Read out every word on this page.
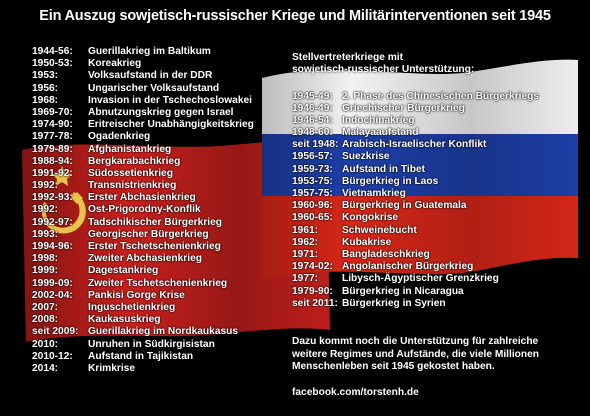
Ein Auszug sowjetisch-russischer Kriege und Militärinterventionen seit 1945
1944-56: Guerillakrieg im Baltikum
1950-53: Koreakrieg
1953:	Volksaufstand in der DDR
1956:	Ungarischer Volksaufstand
1968:	Invasion in der Tschechoslowakei
1969-70: Abnutzungskrieg gegen Israel
1974-90: Eritreischer Unabhängigkeitskrieg
1977-78: Ogadenkrieg
1979-89: Afghanistankrieg
1988-94: Bergkarabachkrieg
1991-92: Südossetienkrieg
1992:	Transnistrienkrieg
1992-93: Erster Abchasienkrieg
1992:	Ost-Prigorodny-Konflik
1992-97: Tadschikischer Bürgerkrieg
1993:	Georgischer Bürgerkrieg
1994-96: Erster Tschetschenienkrieg
1998:	Zweiter Abchasienkrieg
1999:	Dagestankrieg
1999-09: Zweiter Tschetschenienkrieg
2002-04: Pankisi Gorge Krise
2007:	Inguschetienkrieg
2008:	Kaukasuskrieg
seit 2009: Guerillakrieg im Nordkaukasus
2010:	Unruhen in Südkirgisistan
2010-12: Aufstand in Tajikistan
2014:	Krimkrise
Stellvertreterkriege mit
sowjetisch-russischer Unterstützung:
1945-49: 2. Phase des Chinesischen Bürgerkriegs
1946-49: Griechischer Bürgerkrieg
1946-54: Indochinakrieg
1948-60: Malayaaufstand
seit 1948: Arabisch-Israelischer Konflikt
1956-57: Suezkrise
1959-73: Aufstand in Tibet
1953-75: Bürgerkrieg in Laos
1957-75: Vietnamkrieg
1960-96: Bürgerkrieg in Guatemala
1960-65: Kongokrise
1961: Schweinebucht
1962: Kubakrise
1971: Bangladeschkrieg
1974-02: Angolanischer Bürgerkrieg
1977: Libysch-Ägyptischer Grenzkrieg
1979-90: Bürgerkrieg in Nicaragua
seit 2011: Bürgerkrieg in Syrien
Dazu kommt noch die Unterstützung für zahlreiche
weitere Regimes und Aufstände, die viele Millionen
Menschenleben seit 1945 gekostet haben.
facebook.com/torstenh.de
